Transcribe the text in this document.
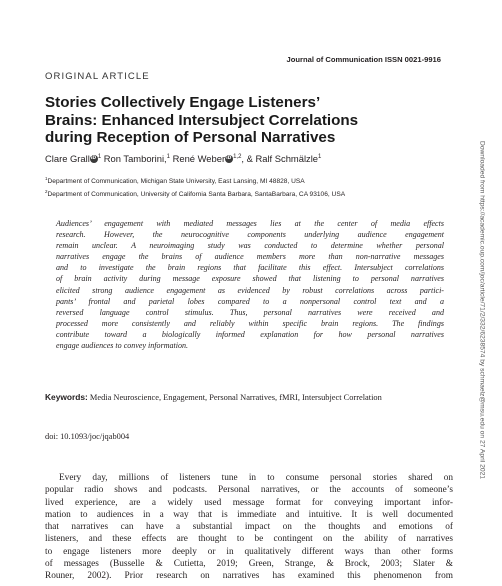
Journal of Communication ISSN 0021-9916
ORIGINAL ARTICLE
Stories Collectively Engage Listeners’
Brains: Enhanced Intersubject Correlations
during Reception of Personal Narratives
Clare Grall iD $^1$ Ron Tamborini,$^1$ René Weber iD $^{1,2}$, & Ralf Schmälzle$^1$
$^1$Department of Communication, Michigan State University, East Lansing, MI 48828, USA
$^2$Department of Communication, University of California Santa Barbara, SantaBarbara, CA 93106, USA
Audiences’ engagement with mediated messages lies at the center of media effects
research. However, the neurocognitive components underlying audience engagement
remain unclear. A neuroimaging study was conducted to determine whether personal
narratives engage the brains of audience members more than non-narrative messages
and to investigate the brain regions that facilitate this effect. Intersubject correlations
of brain activity during message exposure showed that listening to personal narratives
elicited strong audience engagement as evidenced by robust correlations across partici-
pants’ frontal and parietal lobes compared to a nonpersonal control text and a
reversed language control stimulus. Thus, personal narratives were received and
processed more consistently and reliably within specific brain regions. The findings
contribute toward a biologically informed explanation for how personal narratives
engage audiences to convey information.
Keywords: Media Neuroscience, Engagement, Personal Narratives, fMRI, Intersubject Correlation
doi: 10.1093/joc/jqab004
Every day, millions of listeners tune in to consume personal stories shared on
popular radio shows and podcasts. Personal narratives, or the accounts of someone’s
lived experience, are a widely used message format for conveying important infor-
mation to audiences in a way that is immediate and intuitive. It is well documented
that narratives can have a substantial impact on the thoughts and emotions of
listeners, and these effects are thought to be contingent on the ability of narratives
to engage listeners more deeply or in qualitatively different ways than other forms
of messages (Busselle & Cutietta, 2019; Green, Strange, & Brock, 2003; Slater &
Rouner, 2002). Prior research on narratives has examined this phenomenon from
Downloaded from https://academic.oup.com/joc/article/71/2/332/6238574 by schmaelz@msu.edu on 27 April 2021
